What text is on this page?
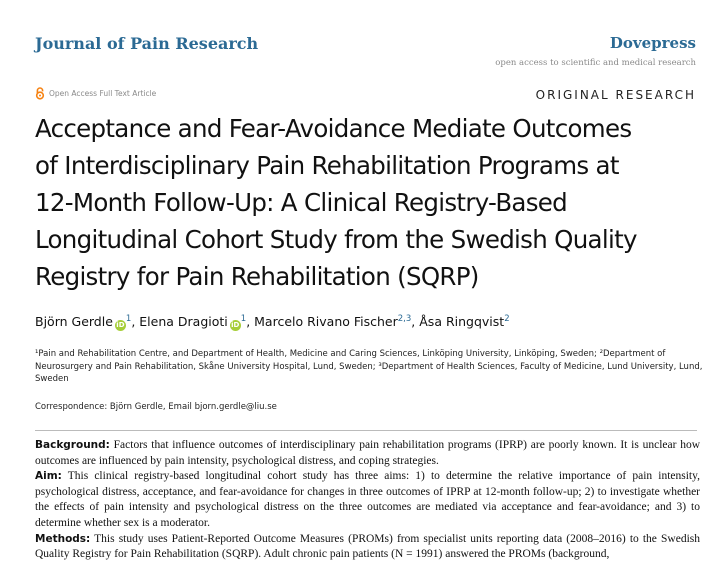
Journal of Pain Research	Dovepress
open access to scientific and medical research
Open Access Full Text Article	ORIGINAL RESEARCH
Acceptance and Fear-Avoidance Mediate Outcomes
of Interdisciplinary Pain Rehabilitation Programs at
12-Month Follow-Up: A Clinical Registry-Based
Longitudinal Cohort Study from the Swedish Quality
Registry for Pain Rehabilitation (SQRP)
Björn Gerdle $iD^1$, Elena Dragioti $iD^1$, Marcelo Rivano Fischer$^{2,3}$, Åsa Ringqvist$^2$
¹Pain and Rehabilitation Centre, and Department of Health, Medicine and Caring Sciences, Linköping University, Linköping, Sweden; ²Department of Neurosurgery and Pain Rehabilitation, Skåne University Hospital, Lund, Sweden; ³Department of Health Sciences, Faculty of Medicine, Lund University, Lund, Sweden
Correspondence: Björn Gerdle, Email bjorn.gerdle@liu.se

Background: Factors that influence outcomes of interdisciplinary pain rehabilitation programs (IPRP) are poorly known. It is unclear how outcomes are influenced by pain intensity, psychological distress, and coping strategies.

Aim: This clinical registry-based longitudinal cohort study has three aims: 1) to determine the relative importance of pain intensity, psychological distress, acceptance, and fear-avoidance for changes in three outcomes of IPRP at 12-month follow-up; 2) to investigate whether the effects of pain intensity and psychological distress on the three outcomes are mediated via acceptance and fear-avoidance; and 3) to determine whether sex is a moderator.

Methods: This study uses Patient-Reported Outcome Measures (PROMs) from specialist units reporting data (2008–2016) to the Swedish Quality Registry for Pain Rehabilitation (SQRP). Adult chronic pain patients (N = 1991) answered the PROMs (background,
